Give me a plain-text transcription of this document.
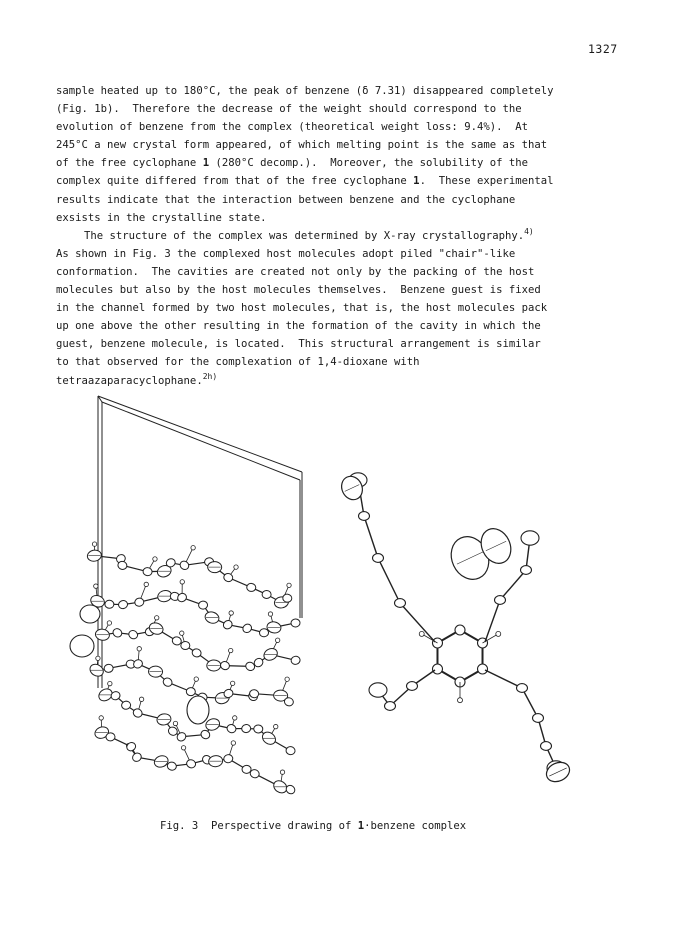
1327
sample heated up to 180°C, the peak of benzene (δ 7.31) disappeared completely
(Fig. 1b).  Therefore the decrease of the weight should correspond to the
evolution of benzene from the complex (theoretical weight loss: 9.4%).  At
245°C a new crystal form appeared, of which melting point is the same as that
of the free cyclophane 1 (280°C decomp.).  Moreover, the solubility of the
complex quite differed from that of the free cyclophane 1.  These experimental
results indicate that the interaction between benzene and the cyclophane
exsists in the crystalline state.
The structure of the complex was determined by X-ray crystallography.$^{4)}$
As shown in Fig. 3 the complexed host molecules adopt piled "chair"-like
conformation.  The cavities are created not only by the packing of the host
molecules but also by the host molecules themselves.  Benzene guest is fixed
in the channel formed by two host molecules, that is, the host molecules pack
up one above the other resulting in the formation of the cavity in which the
guest, benzene molecule, is located.  This structural arrangement is similar
to that observed for the complexation of 1,4-dioxane with
tetraazaparacyclophane.$^{2h)}$
Fig. 3  Perspective drawing of 1·benzene complex
